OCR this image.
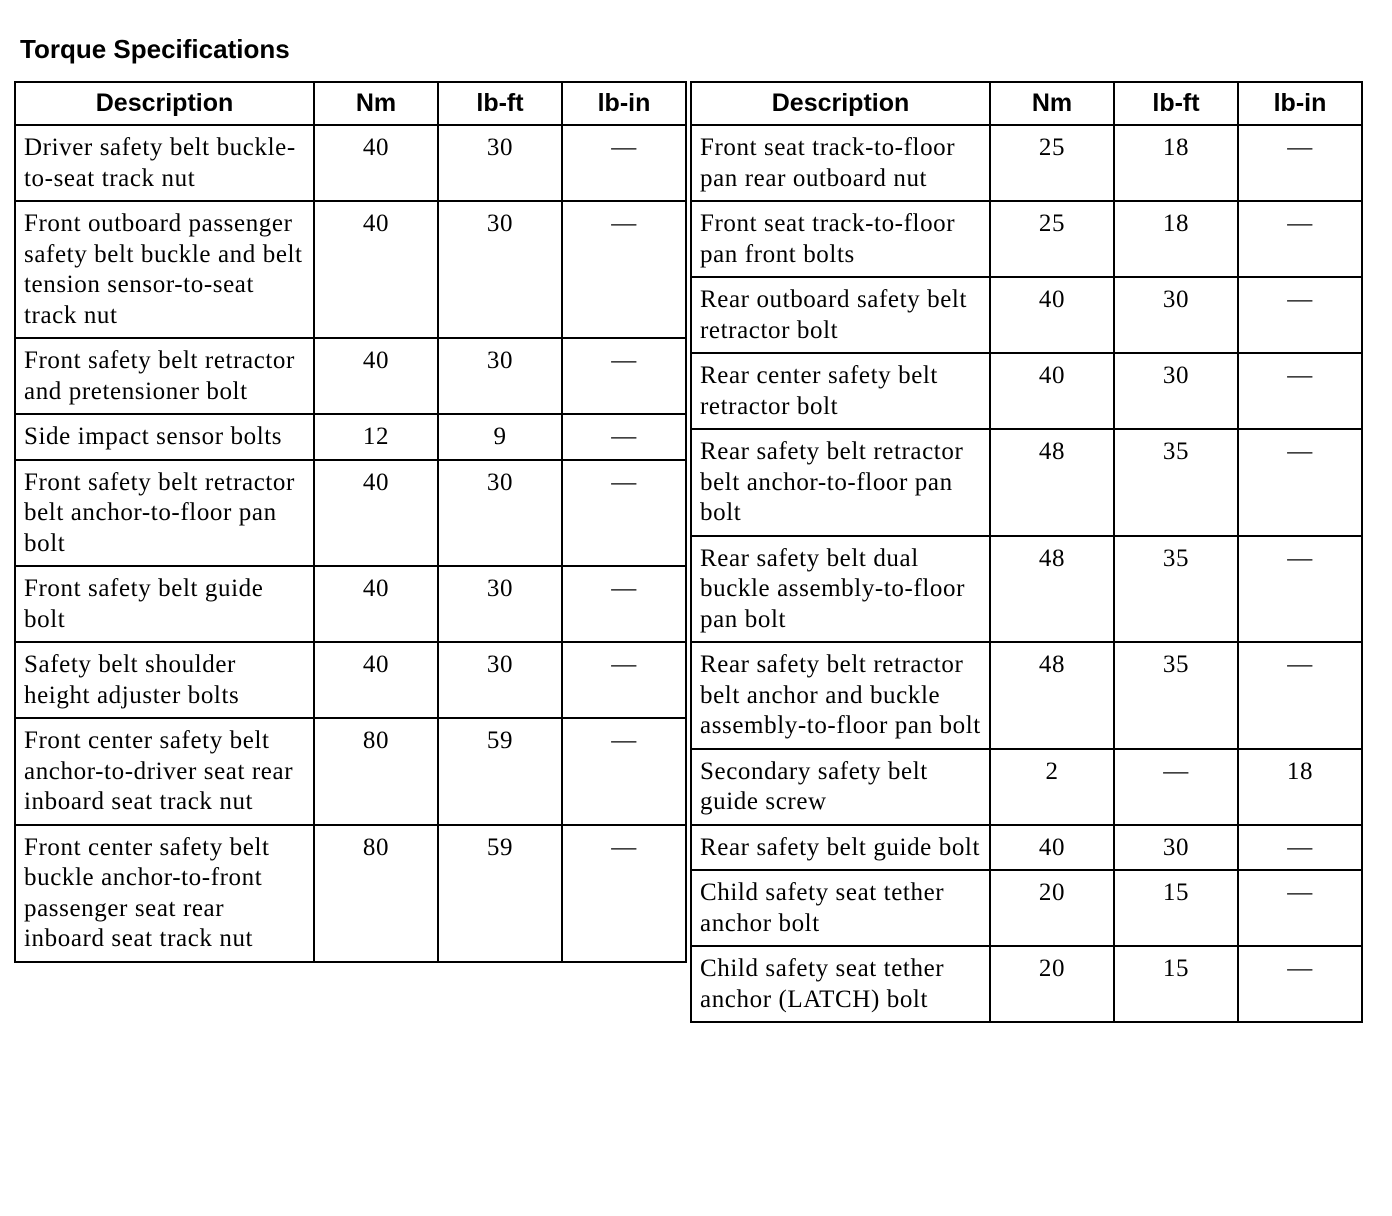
Torque Specifications
Description	Nm	lb-ft	lb-in
Driver safety belt buckle-to-seat track nut	40	30	—
Front outboard passenger safety belt buckle and belt tension sensor-to-seat track nut	40	30	—
Front safety belt retractor and pretensioner bolt	40	30	—
Side impact sensor bolts	12	9	—
Front safety belt retractor belt anchor-to-floor pan bolt	40	30	—
Front safety belt guide bolt	40	30	—
Safety belt shoulder height adjuster bolts	40	30	—
Front center safety belt anchor-to-driver seat rear inboard seat track nut	80	59	—
Front center safety belt buckle anchor-to-front passenger seat rear inboard seat track nut	80	59	—
Description	Nm	lb-ft	lb-in
Front seat track-to-floor pan rear outboard nut	25	18	—
Front seat track-to-floor pan front bolts	25	18	—
Rear outboard safety belt retractor bolt	40	30	—
Rear center safety belt retractor bolt	40	30	—
Rear safety belt retractor belt anchor-to-floor pan bolt	48	35	—
Rear safety belt dual buckle assembly-to-floor pan bolt	48	35	—
Rear safety belt retractor belt anchor and buckle assembly-to-floor pan bolt	48	35	—
Secondary safety belt guide screw	2	—	18
Rear safety belt guide bolt	40	30	—
Child safety seat tether anchor bolt	20	15	—
Child safety seat tether anchor (LATCH) bolt	20	15	—
